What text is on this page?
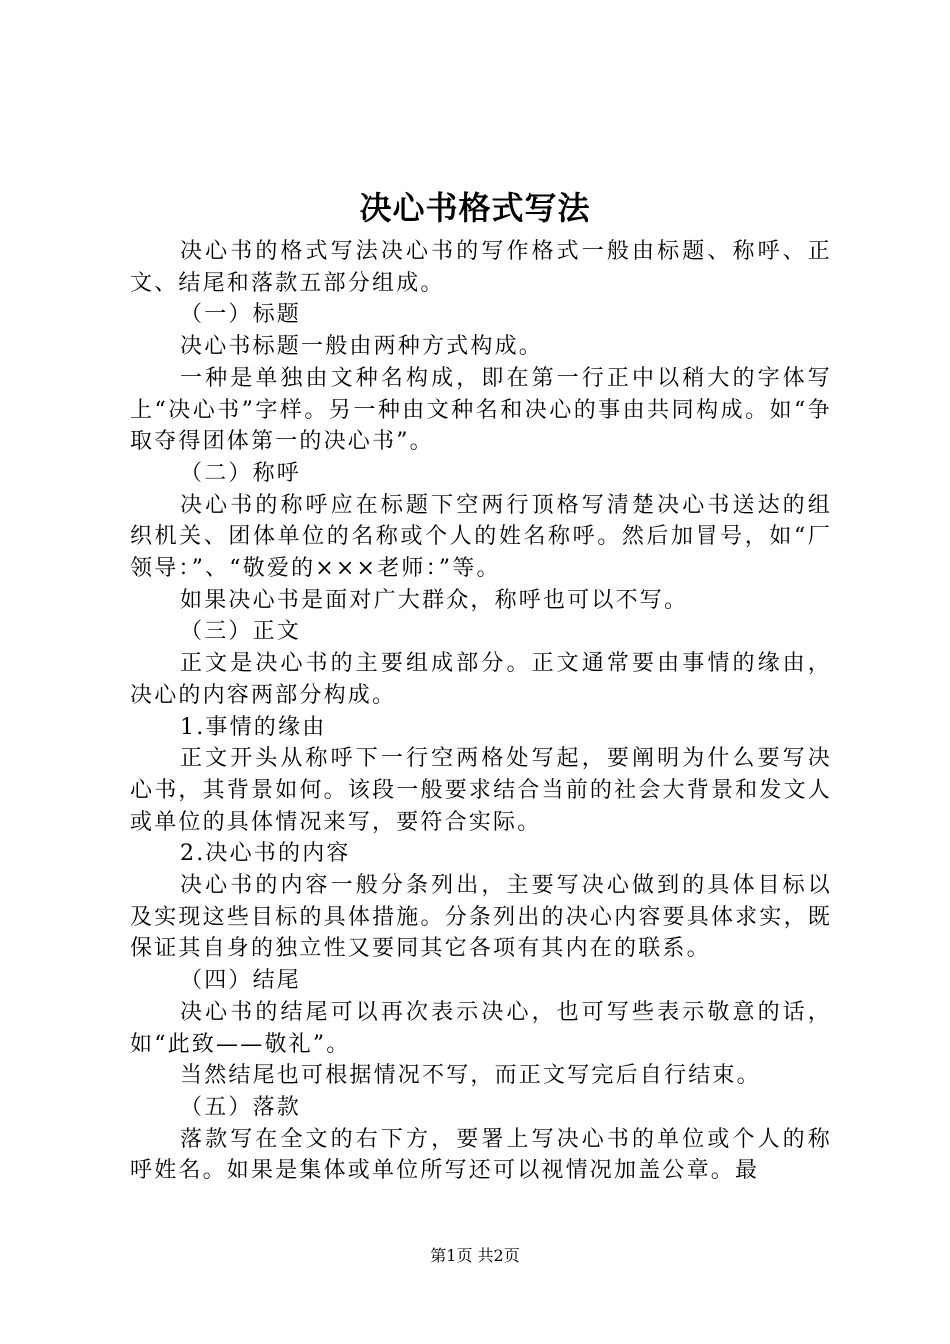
决心书格式写法

决心书的格式写法决心书的写作格式一般由标题、称呼、正文、结尾和落款五部分组成。

（一）标题

决心书标题一般由两种方式构成。

一种是单独由文种名构成，即在第一行正中以稍大的字体写上“决心书”字样。另一种由文种名和决心的事由共同构成。如“争取夺得团体第一的决心书”。

（二）称呼

决心书的称呼应在标题下空两行顶格写清楚决心书送达的组织机关、团体单位的名称或个人的姓名称呼。然后加冒号，如“厂领导：”、“敬爱的×××老师：”等。

如果决心书是面对广大群众，称呼也可以不写。

（三）正文

正文是决心书的主要组成部分。正文通常要由事情的缘由，决心的内容两部分构成。

1.事情的缘由

正文开头从称呼下一行空两格处写起，要阐明为什么要写决心书，其背景如何。该段一般要求结合当前的社会大背景和发文人或单位的具体情况来写，要符合实际。

2.决心书的内容

决心书的内容一般分条列出，主要写决心做到的具体目标以及实现这些目标的具体措施。分条列出的决心内容要具体求实，既保证其自身的独立性又要同其它各项有其内在的联系。

（四）结尾

决心书的结尾可以再次表示决心，也可写些表示敬意的话，如“此致——敬礼”。

当然结尾也可根据情况不写，而正文写完后自行结束。

（五）落款

落款写在全文的右下方，要署上写决心书的单位或个人的称呼姓名。如果是集体或单位所写还可以视情况加盖公章。最

第1页 共2页
